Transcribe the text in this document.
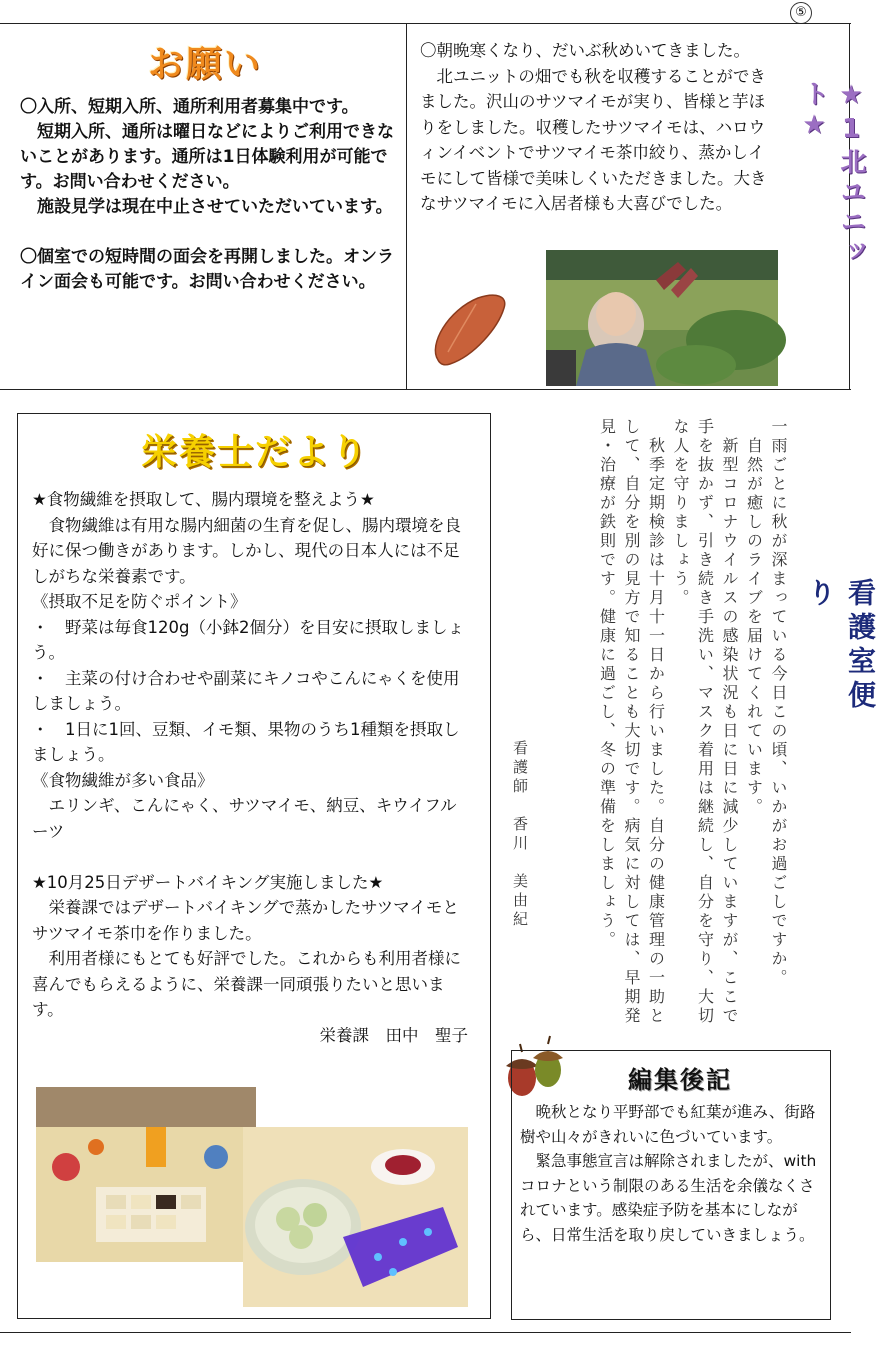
⑤
お願い
〇入所、短期入所、通所利用者募集中です。
　短期入所、通所は曜日などによりご利用できないことがあります。通所は1日体験利用が可能です。お問い合わせください。
　施設見学は現在中止させていただいています。
〇個室での短時間の面会を再開しました。オンライン面会も可能です。お問い合わせください。
〇朝晩寒くなり、だいぶ秋めいてきました。
　北ユニットの畑でも秋を収穫することができました。沢山のサツマイモが実り、皆様と芋ほりをしました。収穫したサツマイモは、ハロウィンイベントでサツマイモ茶巾絞り、蒸かしイモにして皆様で美味しくいただきました。大きなサツマイモに入居者様も大喜びでした。	★1北ユニット★
栄養士だより
★食物繊維を摂取して、腸内環境を整えよう★
　食物繊維は有用な腸内細菌の生育を促し、腸内環境を良好に保つ働きがあります。しかし、現代の日本人には不足しがちな栄養素です。
《摂取不足を防ぐポイント》
・　野菜は毎食120g（小鉢2個分）を目安に摂取しましょう。
・　主菜の付け合わせや副菜にキノコやこんにゃくを使用しましょう。
・　1日に1回、豆類、イモ類、果物のうち1種類を摂取しましょう。
《食物繊維が多い食品》
　エリンギ、こんにゃく、サツマイモ、納豆、キウイフルーツ
★10月25日デザートバイキング実施しました★
　栄養課ではデザートバイキングで蒸かしたサツマイモとサツマイモ茶巾を作りました。
　利用者様にもとても好評でした。これからも利用者様に喜んでもらえるように、栄養課一同頑張りたいと思います。
栄養課　田中　聖子
一雨ごとに秋が深まっている今日この頃、いかがお過ごしですか。
　自然が癒しのライブを届けてくれています。
　新型コロナウイルスの感染状況も日に日に減少していますが、ここで手を抜かず、引き続き手洗い、マスク着用は継続し、自分を守り、大切な人を守りましょう。
　秋季定期検診は十月十一日から行いました。自分の健康管理の一助として、自分を別の見方で知ることも大切です。病気に対しては、早期発見・治療が鉄則です。健康に過ごし、冬の準備をしましょう。	看護室便り
看護師　香川　美由紀
編集後記
　晩秋となり平野部でも紅葉が進み、街路樹や山々がきれいに色づいています。
　緊急事態宣言は解除されましたが、withコロナという制限のある生活を余儀なくされています。感染症予防を基本にしながら、日常生活を取り戻していきましょう。
